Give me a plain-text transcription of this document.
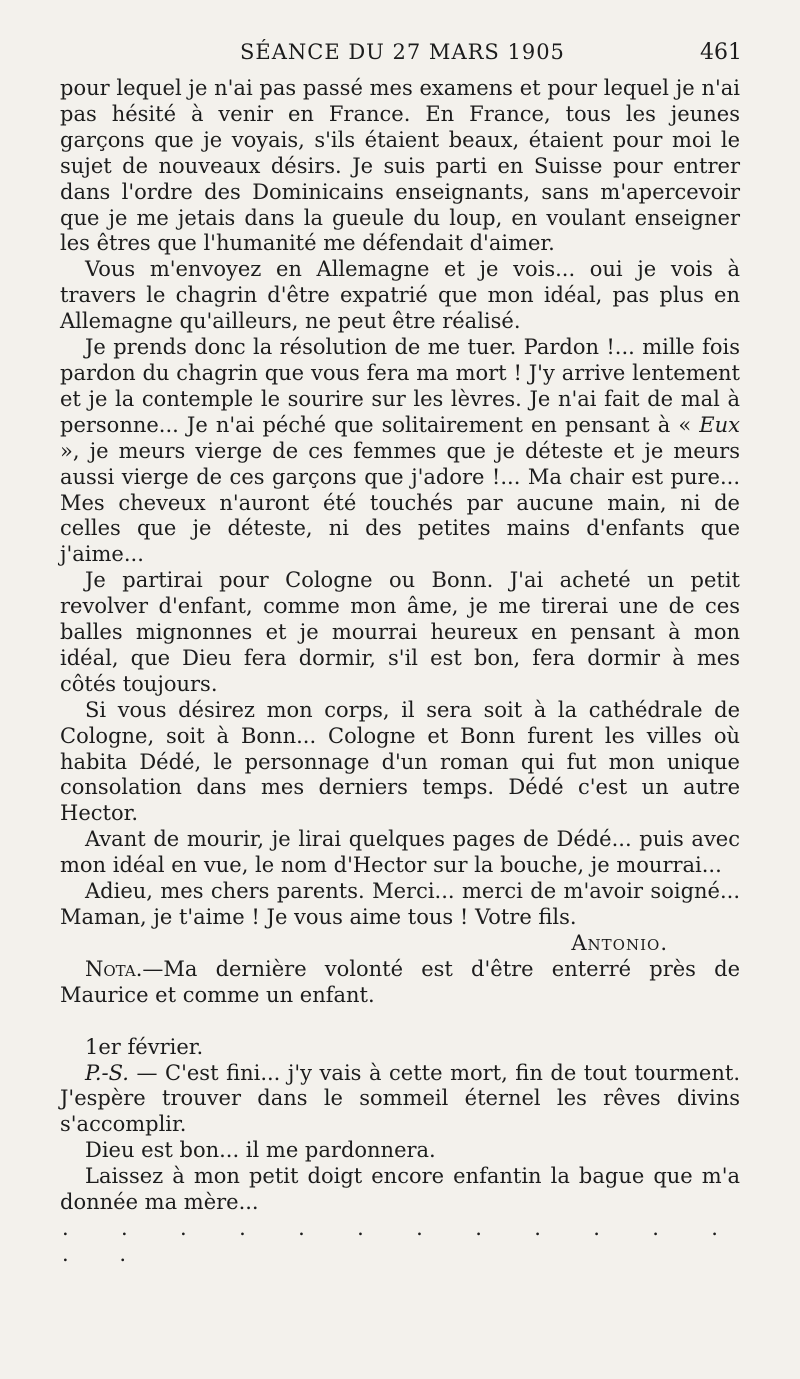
SÉANCE DU 27 MARS 1905	461

pour lequel je n'ai pas passé mes examens et pour lequel je n'ai pas hésité à venir en France. En France, tous les jeunes garçons que je voyais, s'ils étaient beaux, étaient pour moi le sujet de nouveaux désirs. Je suis parti en Suisse pour entrer dans l'ordre des Dominicains enseignants, sans m'apercevoir que je me jetais dans la gueule du loup, en voulant enseigner les êtres que l'humanité me défendait d'aimer.

Vous m'envoyez en Allemagne et je vois... oui je vois à travers le chagrin d'être expatrié que mon idéal, pas plus en Allemagne qu'ailleurs, ne peut être réalisé.

Je prends donc la résolution de me tuer. Pardon !... mille fois pardon du chagrin que vous fera ma mort ! J'y arrive lentement et je la contemple le sourire sur les lèvres. Je n'ai fait de mal à personne... Je n'ai péché que solitairement en pensant à « Eux », je meurs vierge de ces femmes que je déteste et je meurs aussi vierge de ces garçons que j'adore !... Ma chair est pure... Mes cheveux n'auront été touchés par aucune main, ni de celles que je déteste, ni des petites mains d'enfants que j'aime...

Je partirai pour Cologne ou Bonn. J'ai acheté un petit revolver d'enfant, comme mon âme, je me tirerai une de ces balles mignonnes et je mourrai heureux en pensant à mon idéal, que Dieu fera dormir, s'il est bon, fera dormir à mes côtés toujours.

Si vous désirez mon corps, il sera soit à la cathédrale de Cologne, soit à Bonn... Cologne et Bonn furent les villes où habita Dédé, le personnage d'un roman qui fut mon unique consolation dans mes derniers temps. Dédé c'est un autre Hector.

Avant de mourir, je lirai quelques pages de Dédé... puis avec mon idéal en vue, le nom d'Hector sur la bouche, je mourrai...

Adieu, mes chers parents. Merci... merci de m'avoir soigné... Maman, je t'aime ! Je vous aime tous ! Votre fils.

Antonio.

Nota.—Ma dernière volonté est d'être enterré près de Maurice et comme un enfant.

1er février.

P.-S. — C'est fini... j'y vais à cette mort, fin de tout tourment. J'espère trouver dans le sommeil éternel les rêves divins s'accomplir.

Dieu est bon... il me pardonnera.

Laissez à mon petit doigt encore enfantin la bague que m'a donnée ma mère...

. . . . . . . . . . . . . .
